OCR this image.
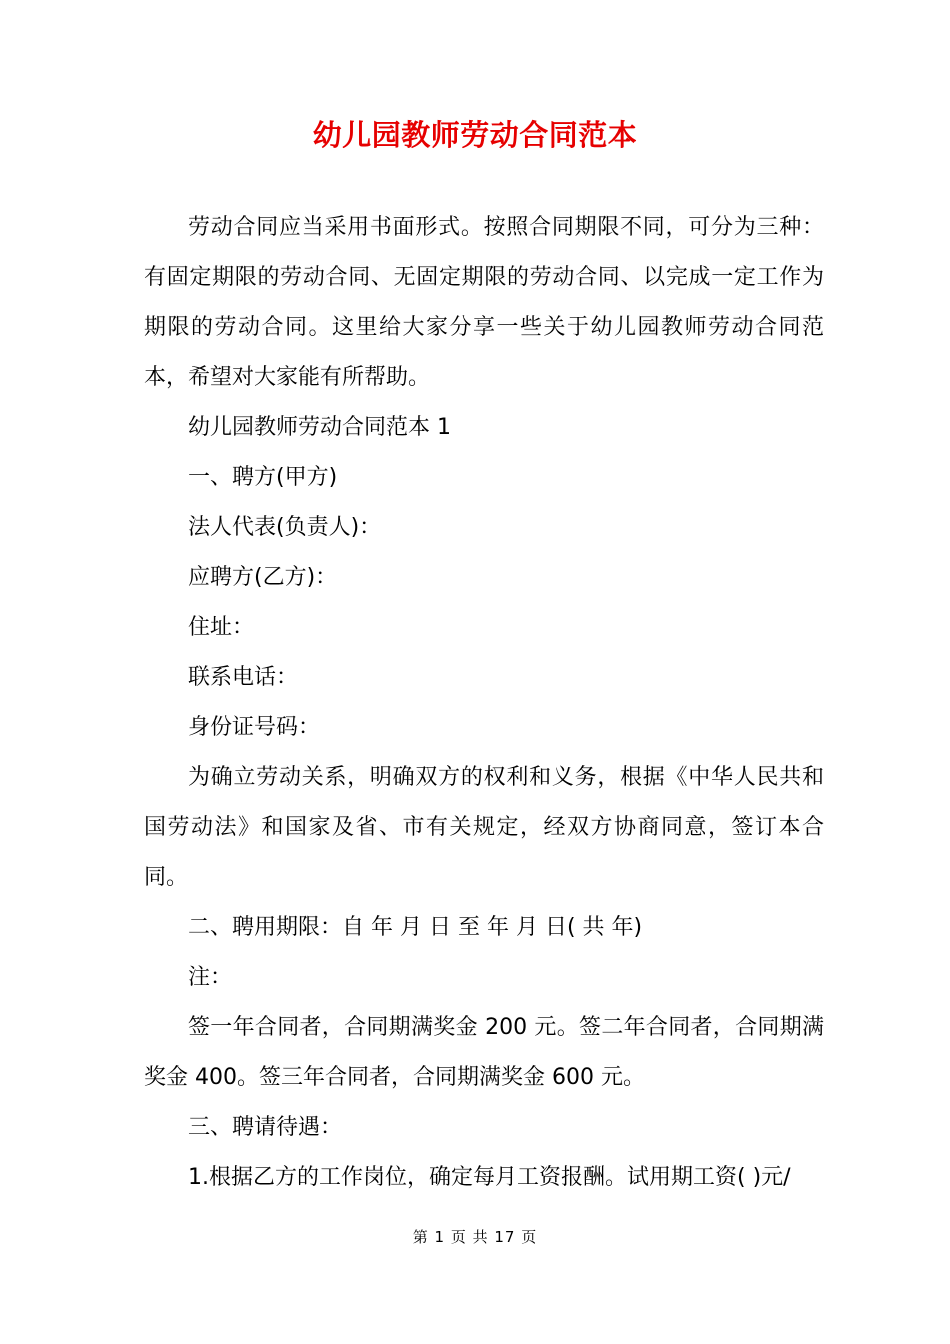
幼儿园教师劳动合同范本

劳动合同应当采用书面形式。按照合同期限不同，可分为三种：有固定期限的劳动合同、无固定期限的劳动合同、以完成一定工作为期限的劳动合同。这里给大家分享一些关于幼儿园教师劳动合同范本，希望对大家能有所帮助。

幼儿园教师劳动合同范本 1

一、聘方(甲方)

法人代表(负责人)：

应聘方(乙方)：

住址：

联系电话：

身份证号码：

为确立劳动关系，明确双方的权利和义务，根据《中华人民共和国劳动法》和国家及省、市有关规定，经双方协商同意，签订本合同。

二、聘用期限：自 年 月 日 至 年 月 日( 共 年)

注：

签一年合同者，合同期满奖金 200 元。签二年合同者，合同期满奖金 400。签三年合同者，合同期满奖金 600 元。

三、聘请待遇：

1.根据乙方的工作岗位，确定每月工资报酬。试用期工资( )元/

第 1 页 共 17 页
